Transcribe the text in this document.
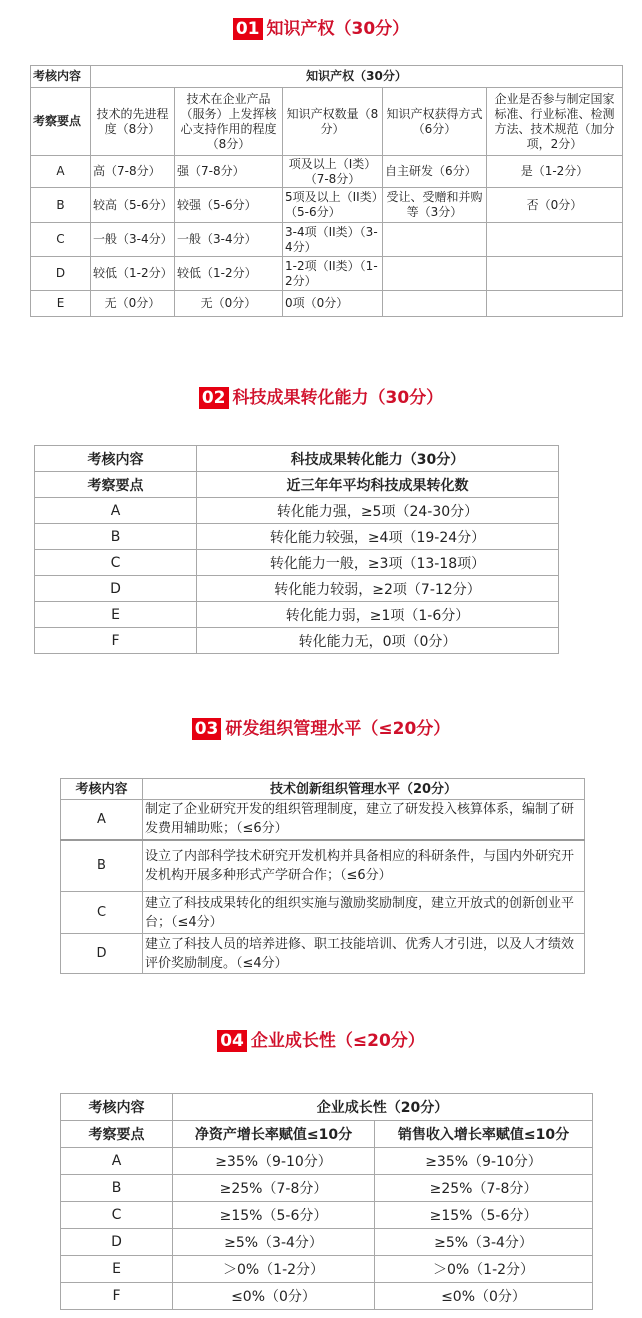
01 知识产权（30分）
考核内容	知识产权（30分）				
考察要点	技术的先进程度（8分）	技术在企业产品（服务）上发挥核心支持作用的程度（8分）	知识产权数量（8分）	知识产权获得方式（6分）	企业是否参与制定国家标准、行业标准、检测方法、技术规范（加分项，2分）
A	高（7-8分）	强（7-8分）	项及以上（I类）（7-8分）	自主研发（6分）	是（1-2分）
B	较高（5-6分）	较强（5-6分）	5项及以上（II类）（5-6分）	受让、受赠和并购等（3分）	否（0分）
C	一般（3-4分）	一般（3-4分）	3-4项（II类）（3-4分）		
D	较低（1-2分）	较低（1-2分）	1-2项（II类）（1-2分）		
E	无（0分）	无（0分）	0项（0分）		
02 科技成果转化能力（30分）
考核内容	科技成果转化能力（30分）
考察要点	近三年年平均科技成果转化数
A	转化能力强，≥5项（24-30分）
B	转化能力较强，≥4项（19-24分）
C	转化能力一般，≥3项（13-18项）
D	转化能力较弱，≥2项（7-12分）
E	转化能力弱，≥1项（1-6分）
F	转化能力无，0项（0分）
03 研发组织管理水平（≤20分）
考核内容	技术创新组织管理水平（20分）
A	制定了企业研究开发的组织管理制度，建立了研发投入核算体系，编制了研发费用辅助账；（≤6分）
B	设立了内部科学技术研究开发机构并具备相应的科研条件，与国内外研究开发机构开展多种形式产学研合作；（≤6分）
C	建立了科技成果转化的组织实施与激励奖励制度，建立开放式的创新创业平台；（≤4分）
D	建立了科技人员的培养进修、职工技能培训、优秀人才引进，以及人才绩效评价奖励制度。（≤4分）
04 企业成长性（≤20分）
考核内容	企业成长性（20分）	
考察要点	净资产增长率赋值≤10分	销售收入增长率赋值≤10分
A	≥35%（9-10分）	≥35%（9-10分）
B	≥25%（7-8分）	≥25%（7-8分）
C	≥15%（5-6分）	≥15%（5-6分）
D	≥5%（3-4分）	≥5%（3-4分）
E	＞0%（1-2分）	＞0%（1-2分）
F	≤0%（0分）	≤0%（0分）
